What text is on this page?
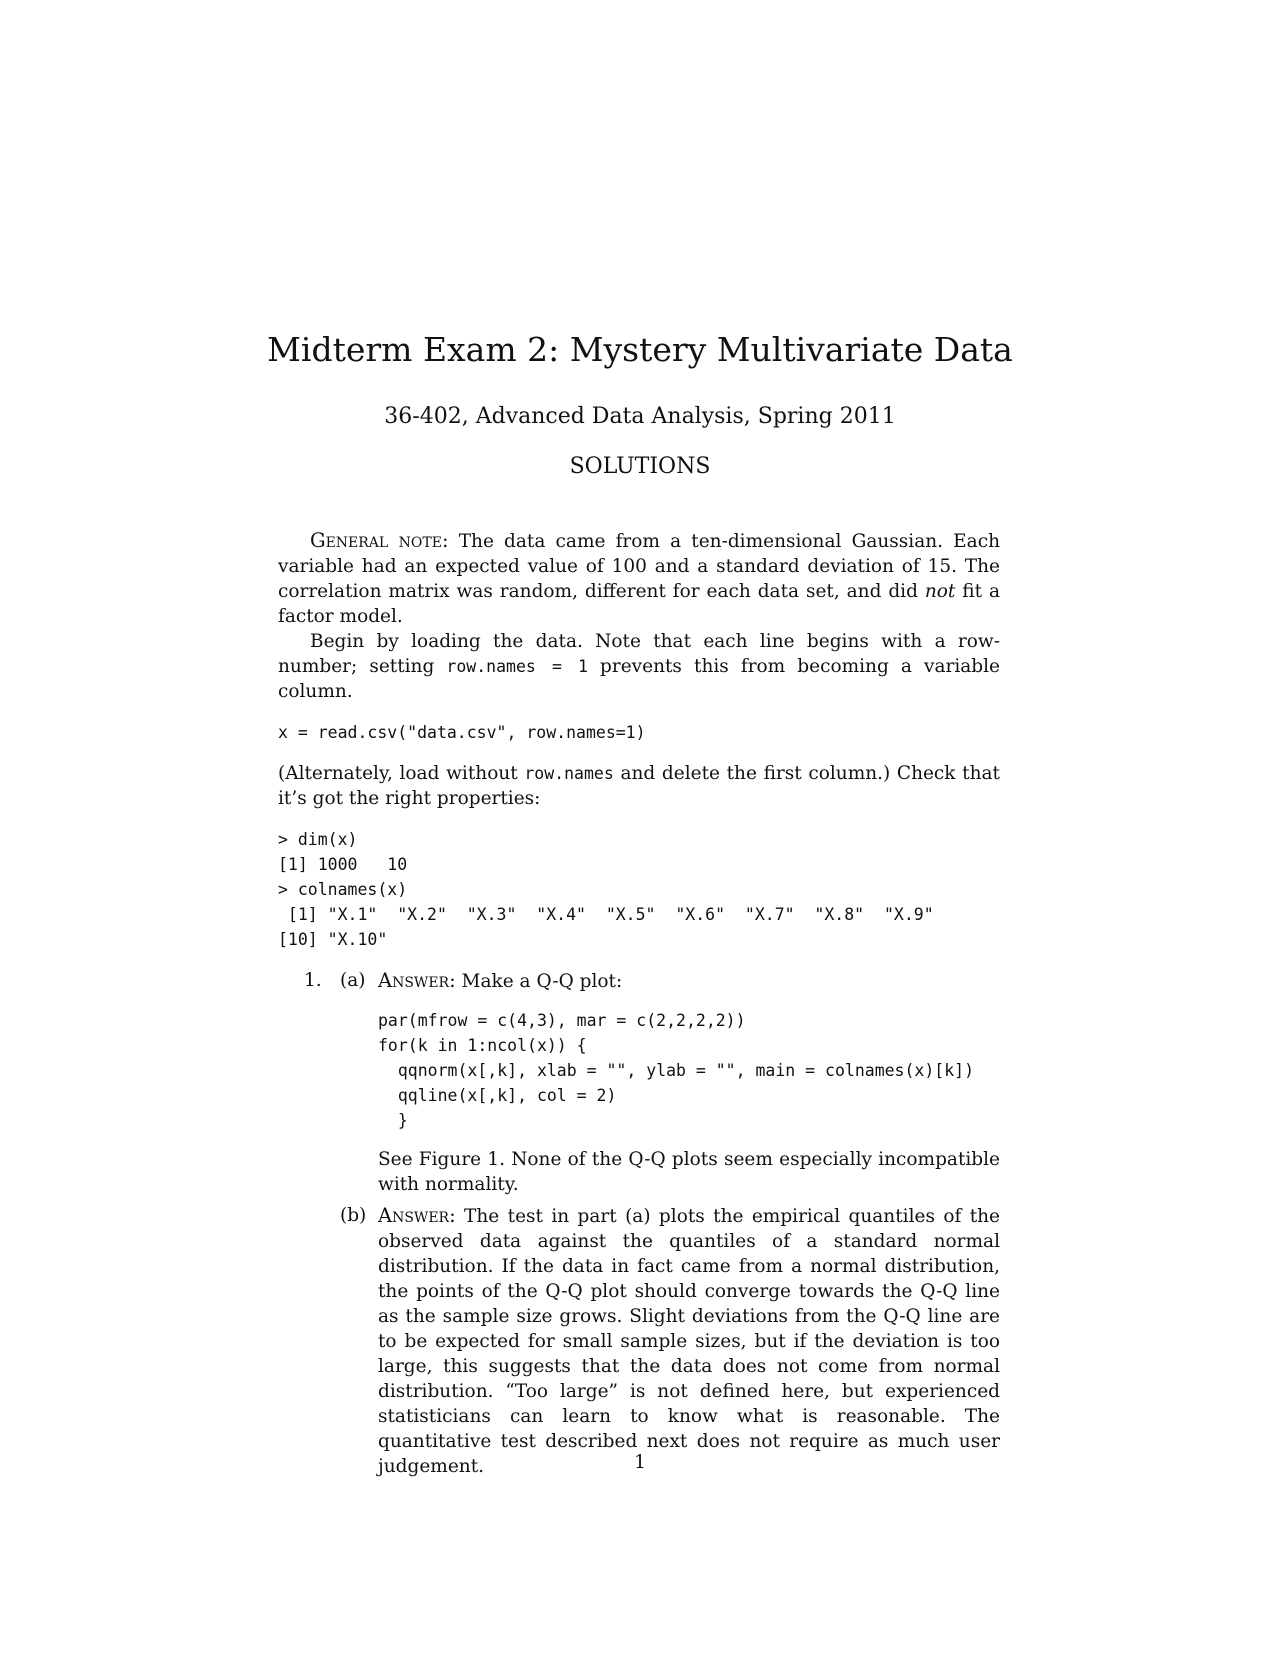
Midterm Exam 2: Mystery Multivariate Data
36-402, Advanced Data Analysis, Spring 2011
SOLUTIONS

General note: The data came from a ten-dimensional Gaussian. Each variable had an expected value of 100 and a standard deviation of 15. The correlation matrix was random, different for each data set, and did not fit a factor model.

Begin by loading the data. Note that each line begins with a row-number; setting row.names = 1 prevents this from becoming a variable column.

x = read.csv("data.csv", row.names=1)

(Alternately, load without row.names and delete the first column.) Check that it’s got the right properties:

> dim(x)
[1] 1000   10
> colnames(x)
[1] "X.1"  "X.2"  "X.3"  "X.4"  "X.5"  "X.6"  "X.7"  "X.8"  "X.9"
[10] "X.10"
1. (a) Answer: Make a Q-Q plot:

par(mfrow = c(4,3), mar = c(2,2,2,2))
for(k in 1:ncol(x)) {
qqnorm(x[,k], xlab = "", ylab = "", main = colnames(x)[k])
qqline(x[,k], col = 2)
}

See Figure 1. None of the Q-Q plots seem especially incompatible with normality.

(b) Answer: The test in part (a) plots the empirical quantiles of the observed data against the quantiles of a standard normal distribution. If the data in fact came from a normal distribution, the points of the Q-Q plot should converge towards the Q-Q line as the sample size grows. Slight deviations from the Q-Q line are to be expected for small sample sizes, but if the deviation is too large, this suggests that the data does not come from normal distribution. “Too large” is not defined here, but experienced statisticians can learn to know what is reasonable. The quantitative test described next does not require as much user judgement.	1
